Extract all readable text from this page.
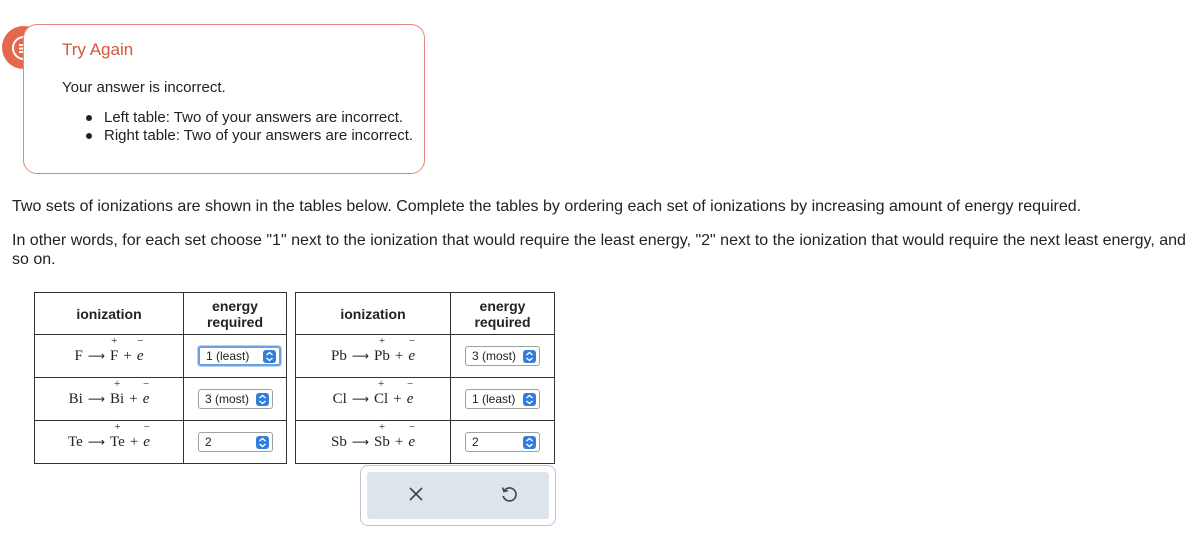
Try Again
Your answer is incorrect.
Left table: Two of your answers are incorrect.
Right table: Two of your answers are incorrect.
Two sets of ionizations are shown in the tables below. Complete the tables by ordering each set of ionizations by increasing amount of energy required.
In other words, for each set choose "1" next to the ionization that would require the least energy, "2" next to the ionization that would require the next least energy, and so on.
ionization	energy
required
F ⟶ F
+
+ e
−	1 (least)

Bi ⟶ Bi
+
+ e
−	3 (most)

Te ⟶ Te
+
+ e
−	2
ionization	energy
required
Pb ⟶ Pb
+
+ e
−	3 (most)

Cl ⟶ Cl
+
+ e
−	1 (least)

Sb ⟶ Sb
+
+ e
−	2
